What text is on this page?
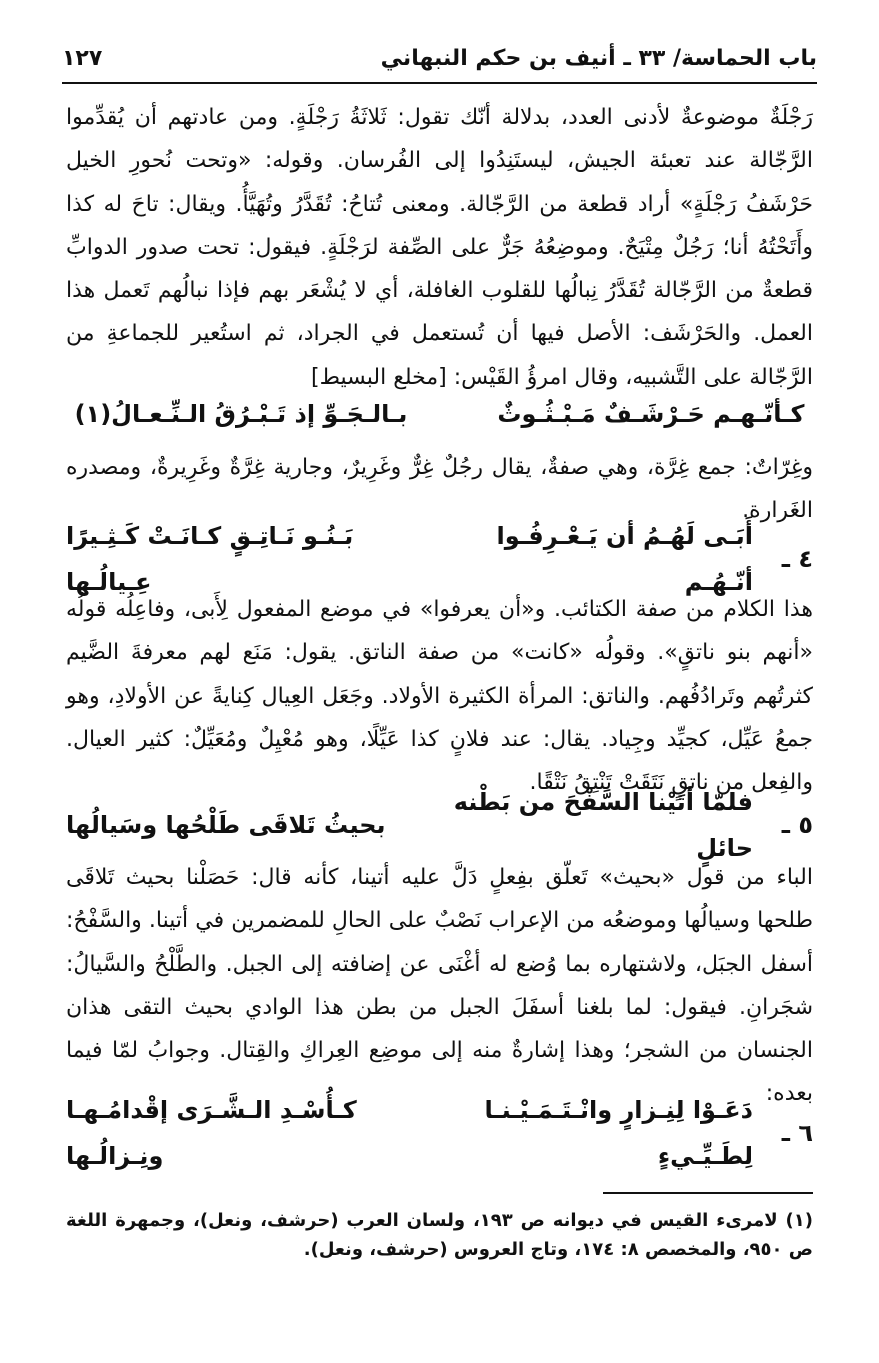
باب الحماسة/ ٣٣ ـ أنيف بن حكم النبهاني
١٢٧

رَجْلَةٌ موضوعةٌ لأدنى العدد، بدلالة أنّك تقول: ثَلاثَةُ رَجْلَةٍ. ومن عادتهم أن يُقدِّموا الرَّجّالة عند تعبئة الجيش، ليستَنِدُوا إلى الفُرسان. وقوله: «وتحت نُحورِ الخيل حَرْشَفُ رَجْلَةٍ» أراد قطعة من الرَّجّالة. ومعنى تُتاحُ: تُقَدَّرُ وتُهَيَّأُ. ويقال: تاحَ له كذا وأَتَحْتُهُ أنا؛ رَجُلٌ مِتْيَحٌ. وموضِعُهُ جَرٌّ على الصِّفة لرَجْلَةٍ. فيقول: تحت صدور الدوابِّ قطعةٌ من الرَّجّالة تُقَدَّرُ نِبالُها للقلوب الغافلة، أي لا يُشْعَر بهم فإذا نبالُهم تَعمل هذا العمل. والحَرْشَف: الأصل فيها أن تُستعمل في الجراد، ثم استُعير للجماعةِ من الرَّجّالة على التَّشبيه، وقال امرؤُ القَيْس: [مخلع البسيط]

كـأنّـهـم حَـرْشَـفٌ مَـبْـثُـوثٌ
بـالـجَـوِّ إذ تَـبْـرُقُ الـنِّـعـالُ(١)

وغِرّاتٌ: جمع غِرَّة، وهي صفةٌ، يقال رجُلٌ غِرٌّ وغَرِيرٌ، وجارية غِرَّةٌ وغَرِيرةٌ، ومصدره الغَرارة.

٤ ـ
أَبَـى لَهُـمُ أن يَـعْـرِفُـوا أنّـهُـم
بَـنُـو نَـاتِـقٍ كـانَـتْ كَـثِـيرًا عِـيالُـها

هذا الكلام من صفة الكتائب. و«أن يعرفوا» في موضع المفعول لِأَبى، وفاعِلُه قولُه «أنهم بنو ناتقٍ». وقولُه «كانت» من صفة الناتق. يقول: مَنَع لهم معرفةَ الضَّيم كثرتُهم وتَرادُفُهم. والناتق: المرأة الكثيرة الأولاد. وجَعَل العِيال كِنايةً عن الأولادِ، وهو جمعُ عَيِّل، كجيِّد وجِياد. يقال: عند فلانٍ كذا عَيِّلًا، وهو مُعْيِلٌ ومُعَيِّلٌ: كثير العيال. والفِعل من ناتقٍ نَتَقَتْ تَنْتِقُ نَتْقًا.

٥ ـ
فلمّا أتَيْنا السَّفْحَ من بَطْنه حائلٍ
بحيثُ تَلاقَى طَلْحُها وسَيالُها

الباء من قول «بحيث» تَعلّق بفِعلٍ دَلَّ عليه أتينا، كأنه قال: حَصَلْنا بحيث تَلاقَى طلحها وسيالُها وموضعُه من الإعراب نَصْبٌ على الحالِ للمضمرين في أتينا. والسَّفْحُ: أسفل الجبَل، ولاشتهاره بما وُضع له أغْنَى عن إضافته إلى الجبل. والطَّلْحُ والسَّيالُ: شجَرانِ. فيقول: لما بلغنا أسفَلَ الجبل من بطن هذا الوادي بحيث التقى هذان الجنسان من الشجر؛ وهذا إشارةٌ منه إلى موضِع العِراكِ والقِتال. وجوابُ لمّا فيما بعده:

٦ ـ
دَعَـوْا لِنِـزارٍ وانْـتَـمَـيْـنـا لِطَـيِّـيءٍ
كـأُسْـدِ الـشَّـرَى إقْدامُـهـا ونِـزالُـها

(١) لامرىء القيس في ديوانه ص ١٩٣، ولسان العرب (حرشف، ونعل)، وجمهرة اللغة ص ٩٥٠، والمخصص ٨: ١٧٤، وتاج العروس (حرشف، ونعل).
